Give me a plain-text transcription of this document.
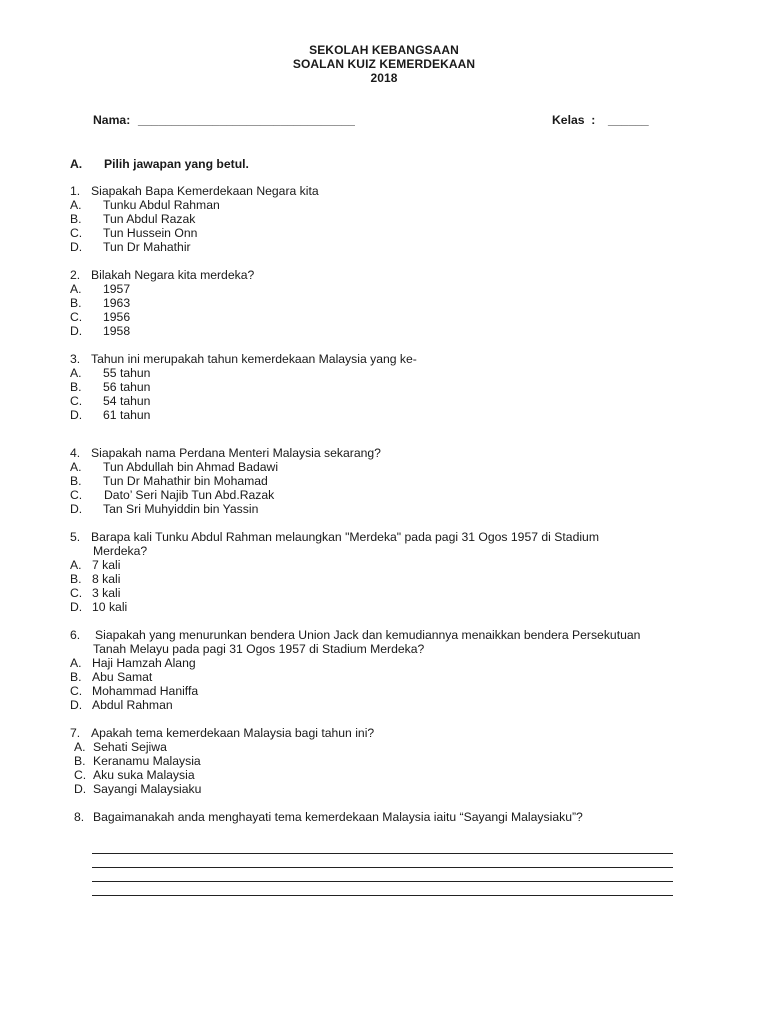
SEKOLAH KEBANGSAAN
SOALAN KUIZ KEMERDEKAAN
2018
Nama: ________________________________	Kelas  : ______
A. Pilih jawapan yang betul.
1. Siapakah Bapa Kemerdekaan Negara kita
A. Tunku Abdul Rahman
B. Tun Abdul Razak
C. Tun Hussein Onn
D. Tun Dr Mahathir
2. Bilakah Negara kita merdeka?
A. 1957
B. 1963
C. 1956
D. 1958
3. Tahun ini merupakah tahun kemerdekaan Malaysia yang ke-
A. 55 tahun
B. 56 tahun
C. 54 tahun
D. 61 tahun
4. Siapakah nama Perdana Menteri Malaysia sekarang?
A. Tun Abdullah bin Ahmad Badawi
B. Tun Dr Mahathir bin Mohamad
C. Dato’ Seri Najib Tun Abd.Razak
D. Tan Sri Muhyiddin bin Yassin
5. Barapa kali Tunku Abdul Rahman melaungkan "Merdeka" pada pagi 31 Ogos 1957 di Stadium
Merdeka?
A. 7 kali
B. 8 kali
C. 3 kali
D. 10 kali
6. Siapakah yang menurunkan bendera Union Jack dan kemudiannya menaikkan bendera Persekutuan
Tanah Melayu pada pagi 31 Ogos 1957 di Stadium Merdeka?
A. Haji Hamzah Alang
B. Abu Samat
C. Mohammad Haniffa
D. Abdul Rahman
7. Apakah tema kemerdekaan Malaysia bagi tahun ini?
A. Sehati Sejiwa
B. Keranamu Malaysia
C. Aku suka Malaysia
D. Sayangi Malaysiaku
8. Bagaimanakah anda menghayati tema kemerdekaan Malaysia iaitu “Sayangi Malaysiaku”?
